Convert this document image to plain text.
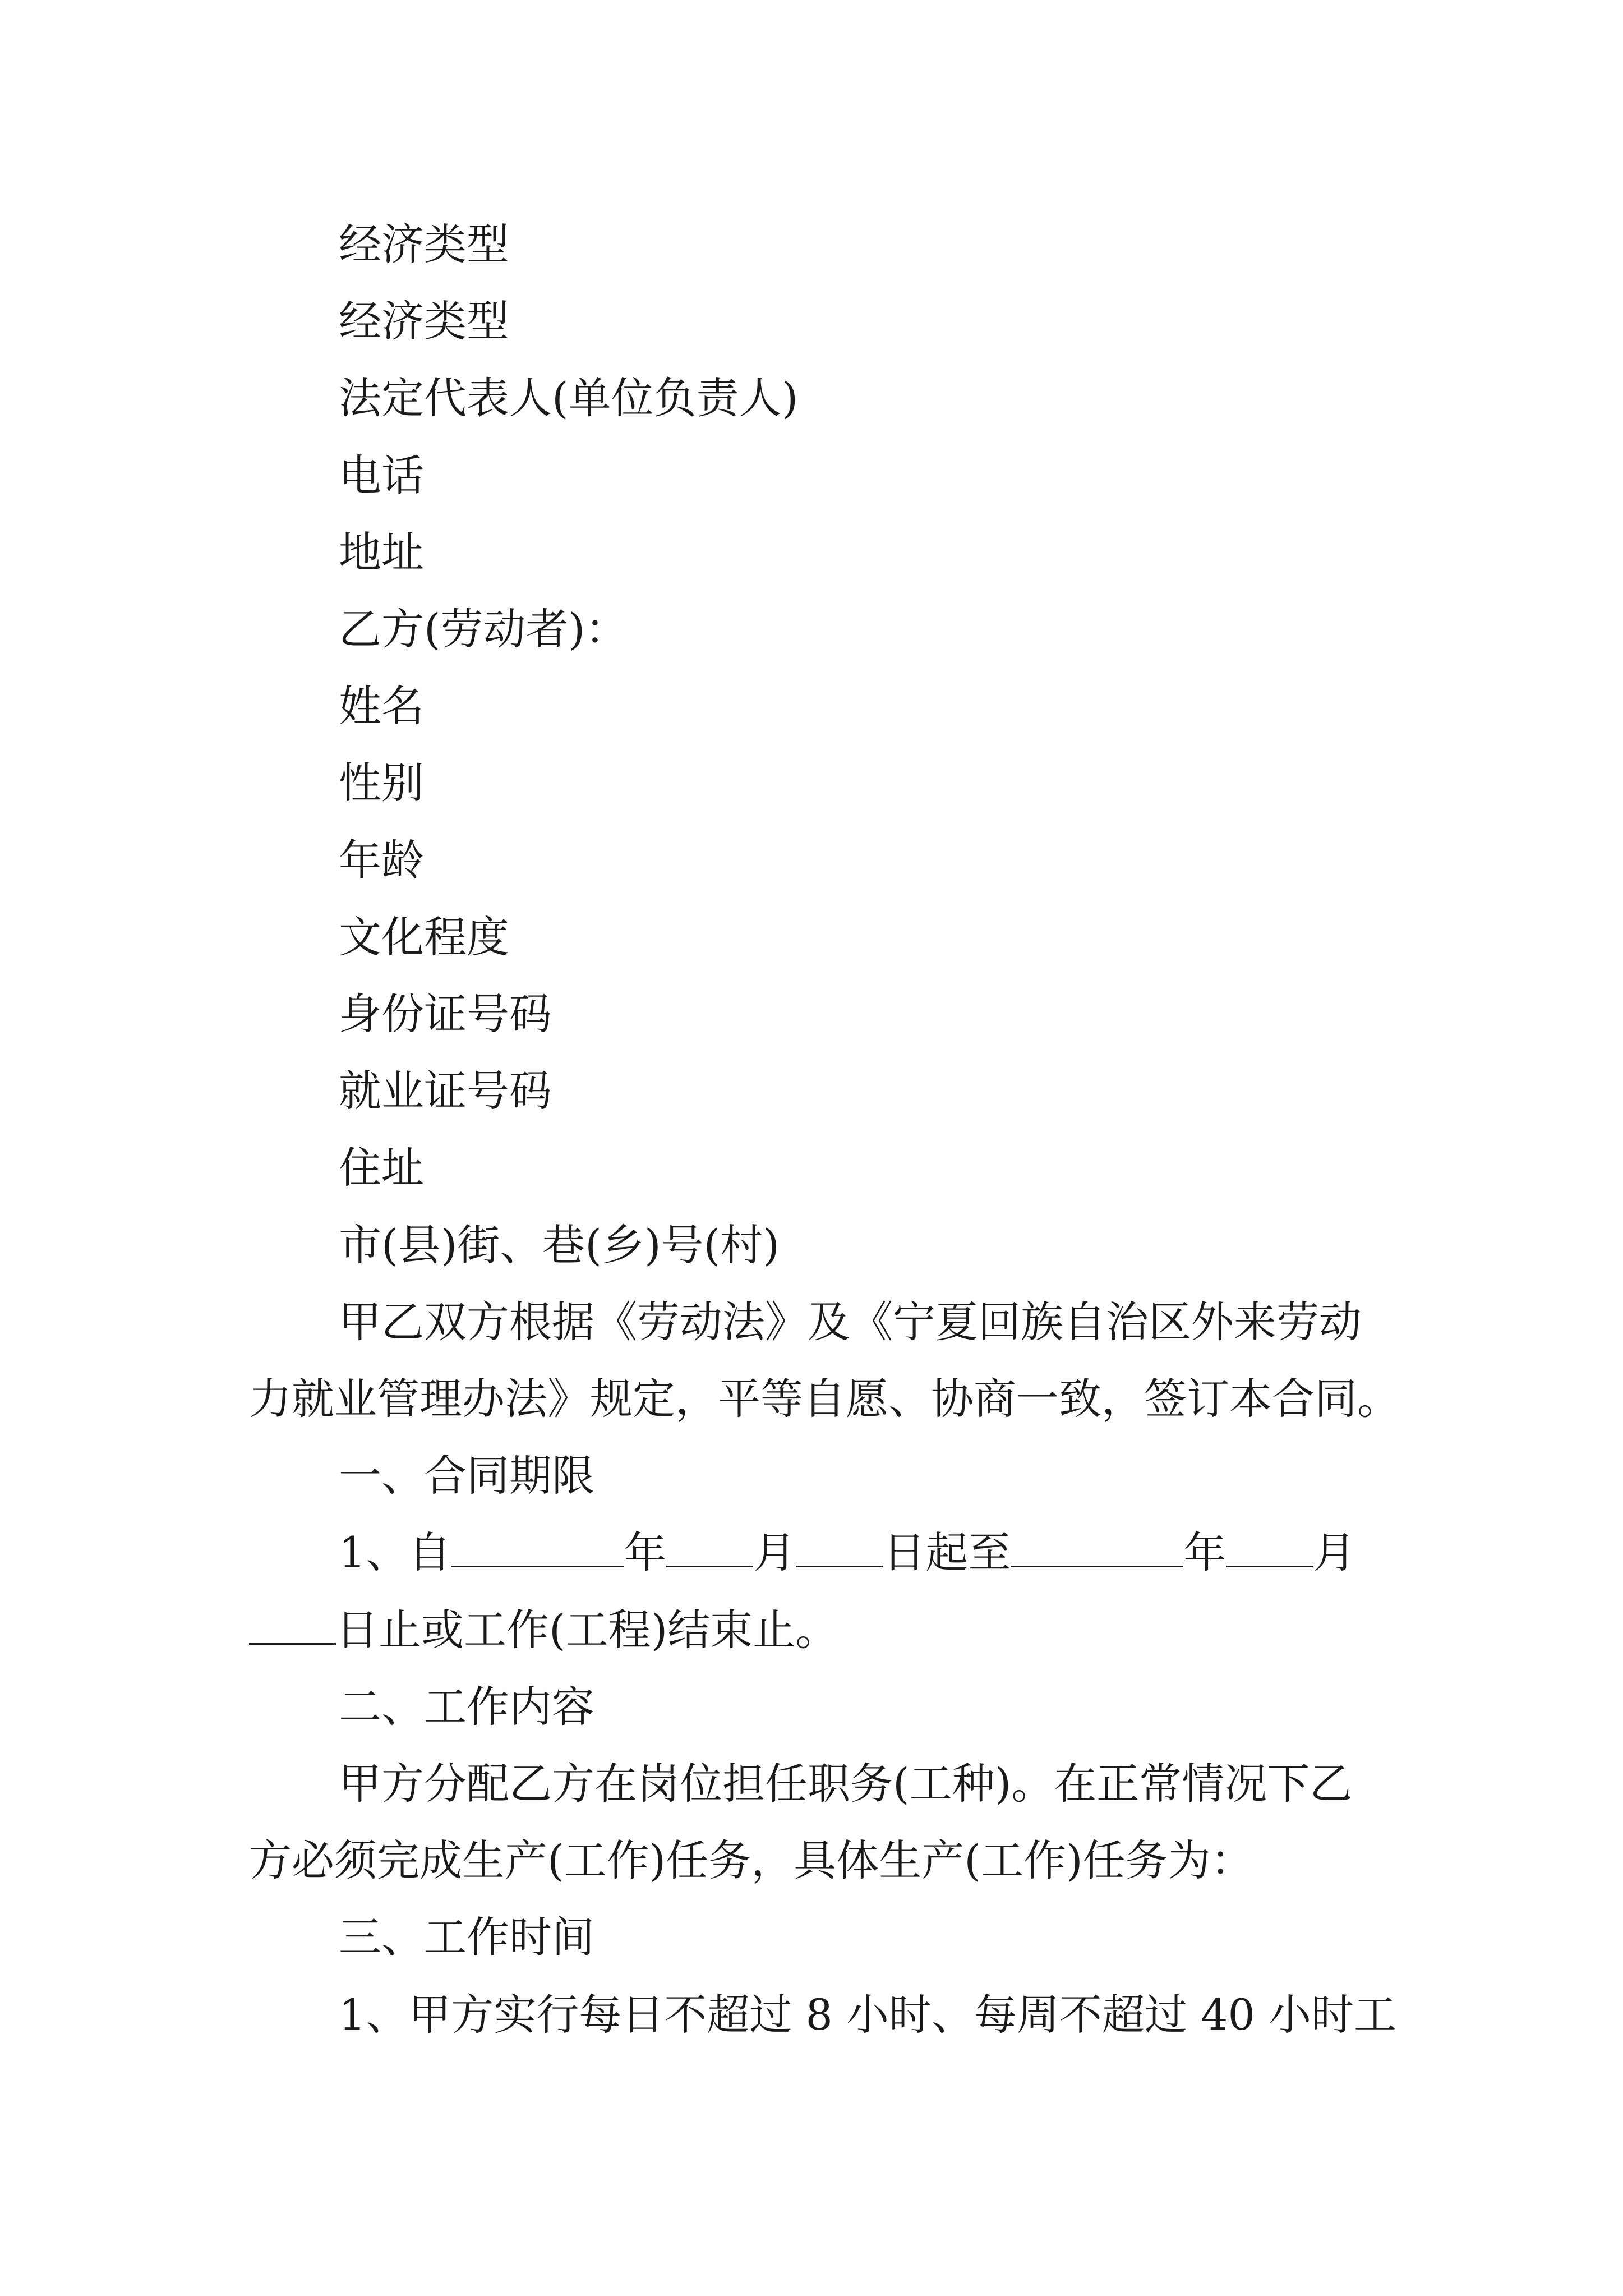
经济类型
经济类型
法定代表人(单位负责人)
电话
地址
乙方(劳动者)：
姓名
性别
年龄
文化程度
身份证号码
就业证号码
住址
市(县)街、巷(乡)号(村)
甲乙双方根据《劳动法》及《宁夏回族自治区外来劳动
力就业管理办法》规定，平等自愿、协商一致，签订本合同。
一、合同期限
1、自	年 月 日起至	年 月
日止或工作(工程)结束止。
二、工作内容
甲方分配乙方在岗位担任职务(工种)。在正常情况下乙
方必须完成生产(工作)任务，具体生产(工作)任务为：
三、工作时间
1、甲方实行每日不超过 8 小时、每周不超过 40 小时工
